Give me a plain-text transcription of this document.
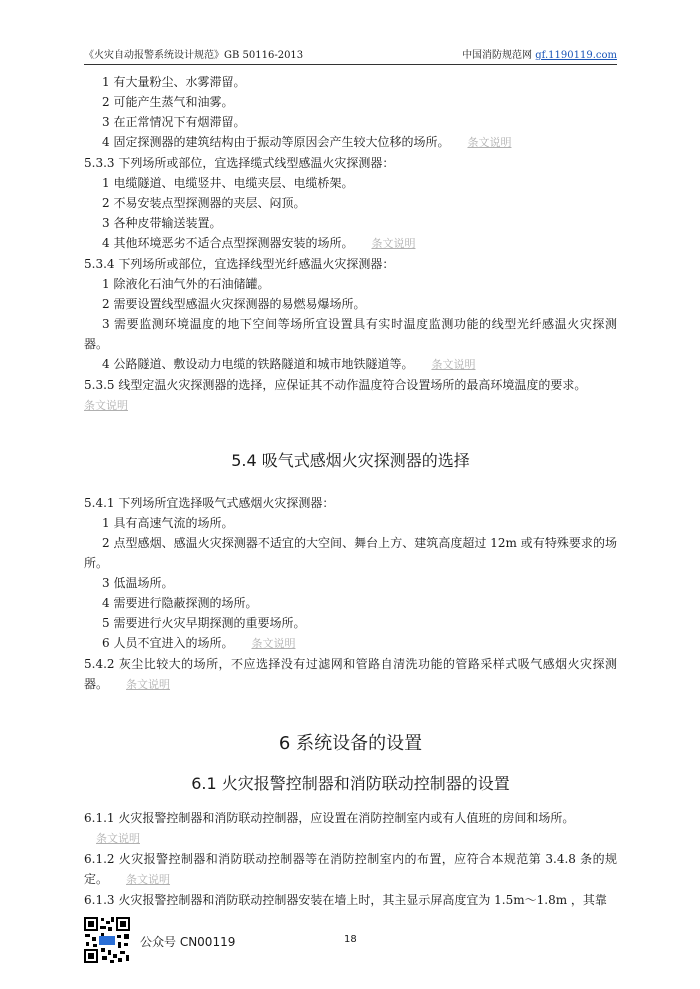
《火灾自动报警系统设计规范》GB 50116-2013	中国消防规范网 gf.1190119.com

1 有大量粉尘、水雾滞留。

2 可能产生蒸气和油雾。

3 在正常情况下有烟滞留。

4 固定探测器的建筑结构由于振动等原因会产生较大位移的场所。 条文说明

5.3.3 下列场所或部位，宜选择缆式线型感温火灾探测器：

1 电缆隧道、电缆竖井、电缆夹层、电缆桥架。

2 不易安装点型探测器的夹层、闷顶。

3 各种皮带输送装置。

4 其他环境恶劣不适合点型探测器安装的场所。 条文说明

5.3.4 下列场所或部位，宜选择线型光纤感温火灾探测器：

1 除液化石油气外的石油储罐。

2 需要设置线型感温火灾探测器的易燃易爆场所。

3 需要监测环境温度的地下空间等场所宜设置具有实时温度监测功能的线型光纤感温火灾探测器。

4 公路隧道、敷设动力电缆的铁路隧道和城市地铁隧道等。 条文说明

5.3.5 线型定温火灾探测器的选择，应保证其不动作温度符合设置场所的最高环境温度的要求。

条文说明

5.4 吸气式感烟火灾探测器的选择

5.4.1 下列场所宜选择吸气式感烟火灾探测器：

1 具有高速气流的场所。

2 点型感烟、感温火灾探测器不适宜的大空间、舞台上方、建筑高度超过 12m 或有特殊要求的场所。

3 低温场所。

4 需要进行隐蔽探测的场所。

5 需要进行火灾早期探测的重要场所。

6 人员不宜进入的场所。 条文说明

5.4.2 灰尘比较大的场所，不应选择没有过滤网和管路自清洗功能的管路采样式吸气感烟火灾探测器。 条文说明

6 系统设备的设置

6.1 火灾报警控制器和消防联动控制器的设置

6.1.1 火灾报警控制器和消防联动控制器，应设置在消防控制室内或有人值班的房间和场所。

条文说明

6.1.2 火灾报警控制器和消防联动控制器等在消防控制室内的布置，应符合本规范第 3.4.8 条的规定。 条文说明

6.1.3 火灾报警控制器和消防联动控制器安装在墙上时，其主显示屏高度宜为 1.5m～1.8m ，其靠

公众号 CN00119	18
